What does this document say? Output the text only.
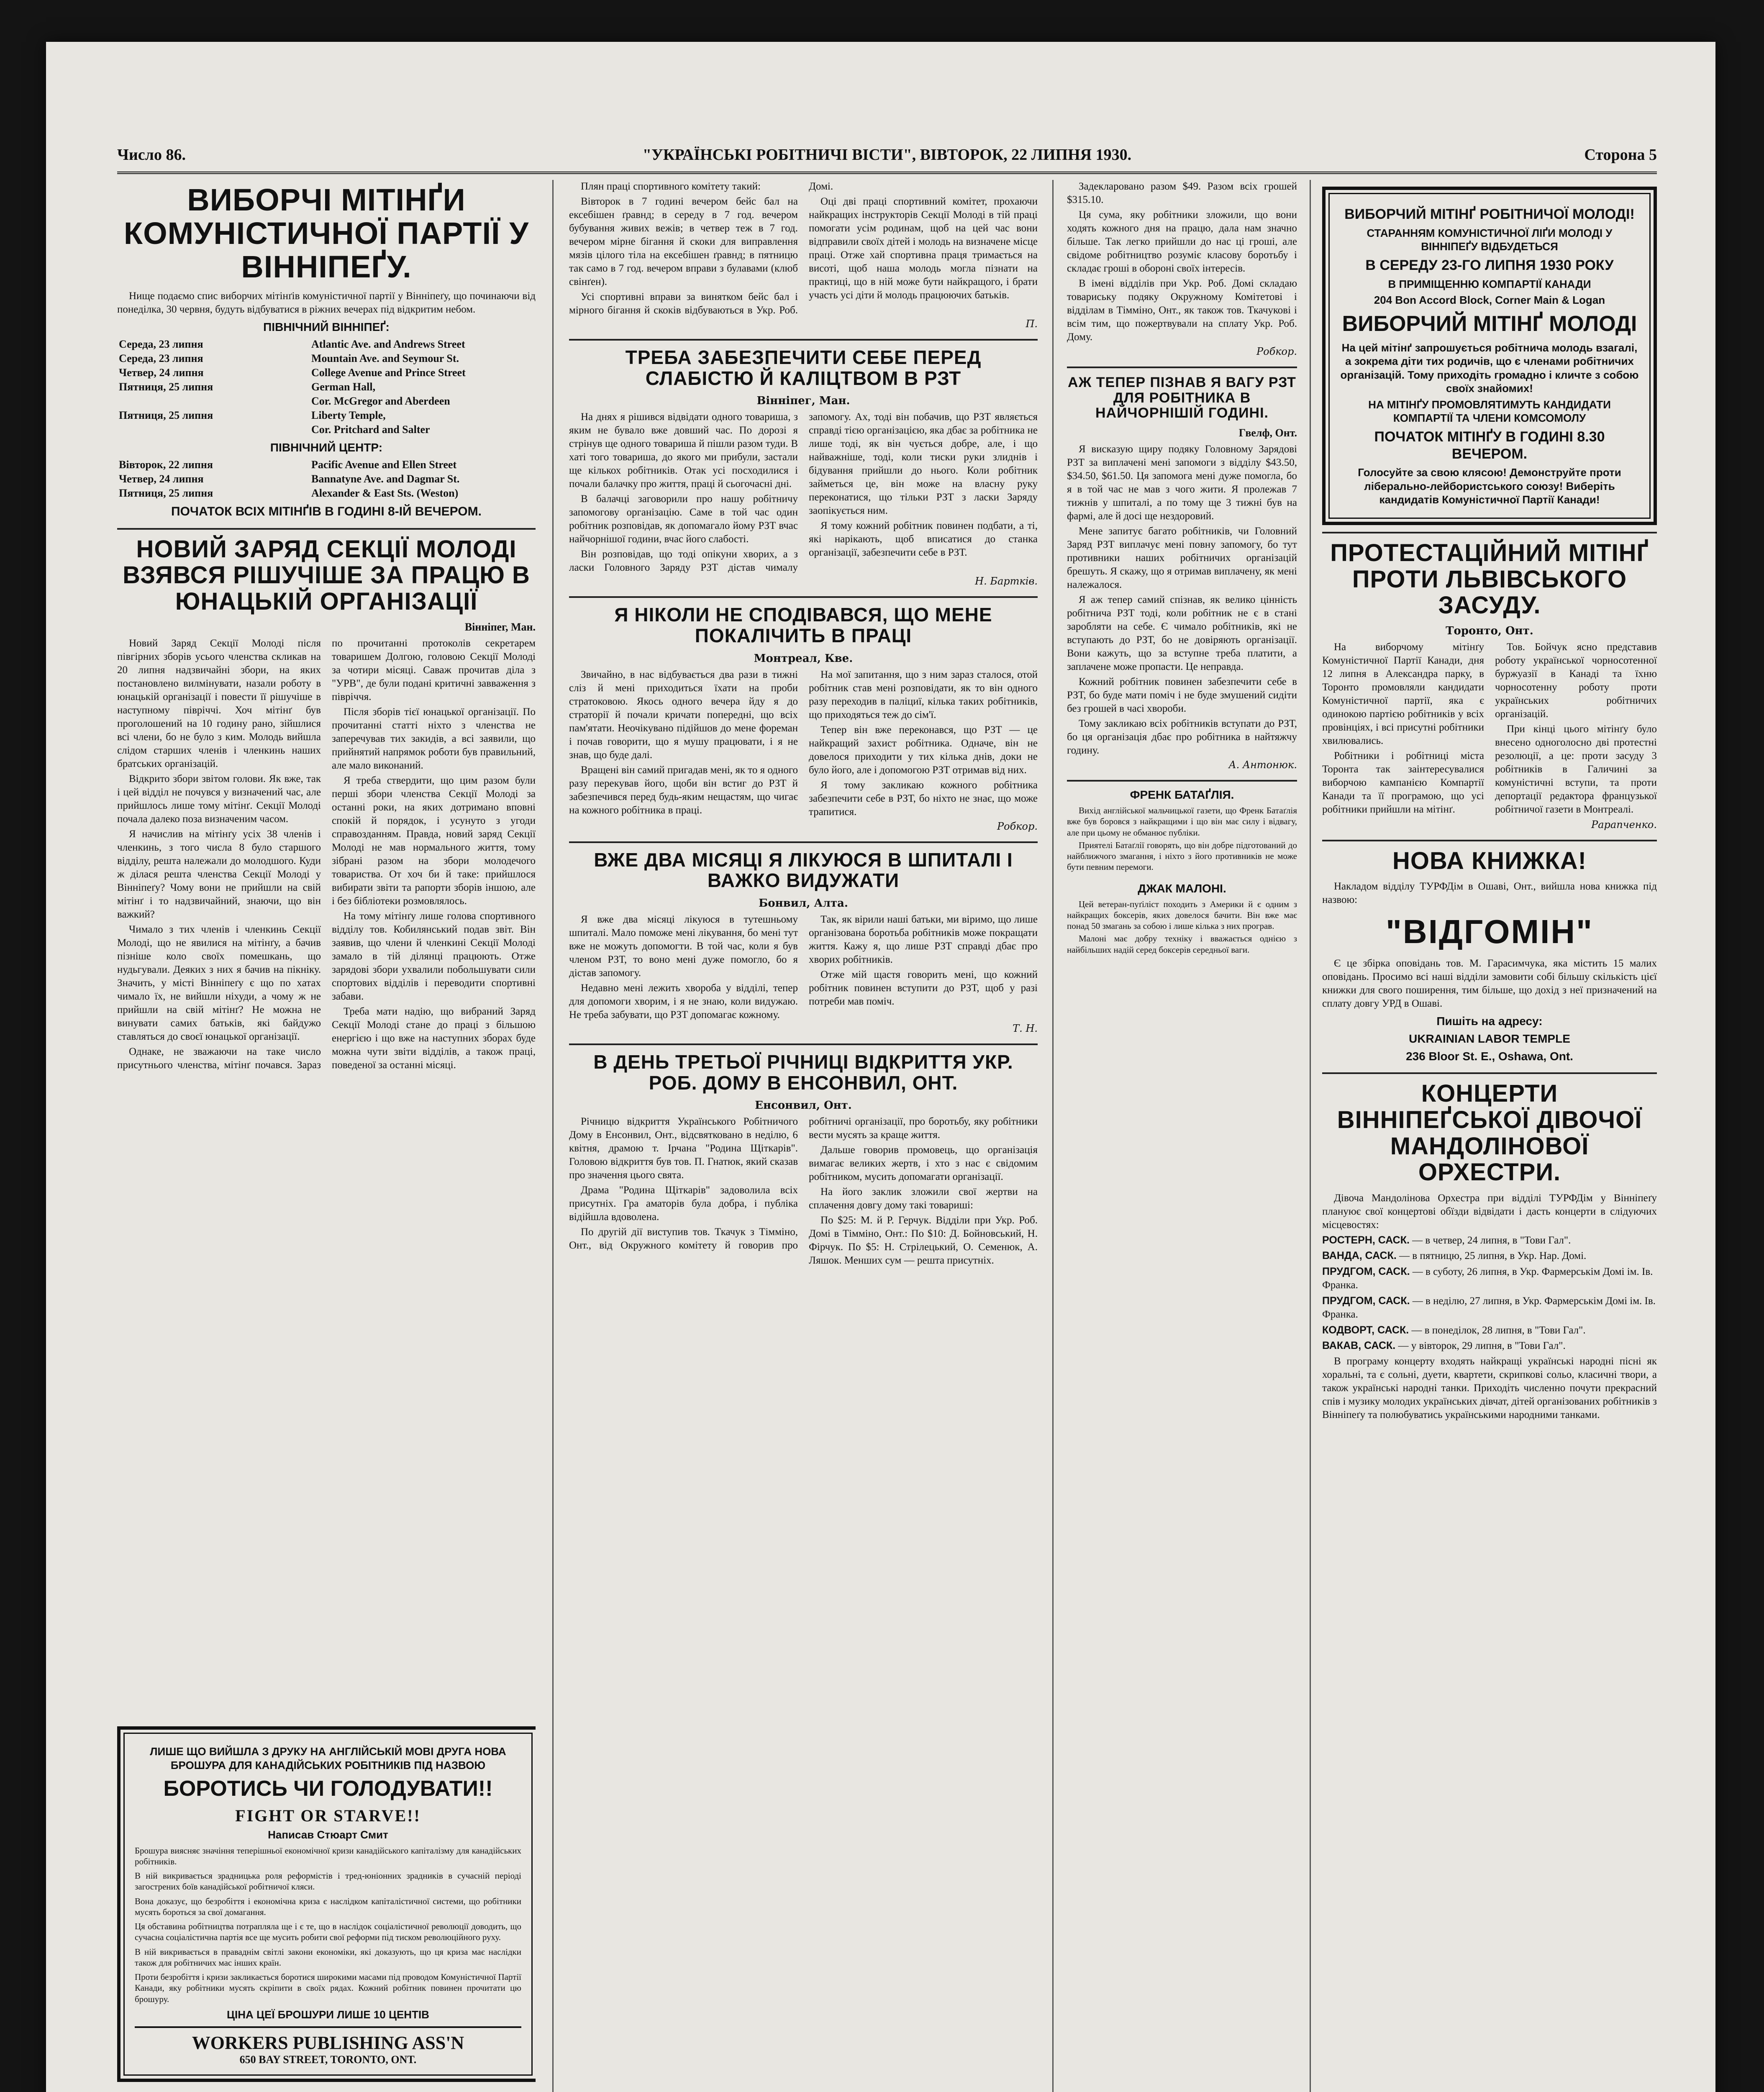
Число 86.	"УКРАЇНСЬКІ РОБІТНИЧІ ВІСТИ", ВІВТОРОК, 22 ЛИПНЯ 1930.	Сторона 5
ВИБОРЧІ МІТІНҐИ КОМУНІСТИЧНОЇ ПАРТІЇ У ВІННІПЕҐУ.

Нище подаємо спис виборчих мітінґів комуністичної партії у Вінніпеґу, що починаючи від понеділка, 30 червня, будуть відбуватися в ріжних вечерах під відкритим небом.

ПІВНІЧНИЙ ВІННІПЕҐ:
Середа, 23 липня	Atlantic Ave. and Andrews Street
Середа, 23 липня	Mountain Ave. and Seymour St.
Четвер, 24 липня	College Avenue and Prince Street
Пятниця, 25 липня	German Hall,
	Cor. McGregor and Aberdeen
Пятниця, 25 липня	Liberty Temple,
	Cor. Pritchard and Salter
ПІВНІЧНИЙ ЦЕНТР:
Вівторок, 22 липня	Pacific Avenue and Ellen Street
Четвер, 24 липня	Bannatyne Ave. and Dagmar St.
Пятниця, 25 липня	Alexander & East Sts. (Weston)
ПОЧАТОК ВСІХ МІТІНҐІВ В ГОДИНІ 8-ІЙ ВЕЧЕРОМ.
НОВИЙ ЗАРЯД СЕКЦІЇ МОЛОДІ ВЗЯВСЯ РІШУЧІШЕ ЗА ПРАЦЮ В ЮНАЦЬКІЙ ОРГАНІЗАЦІЇ
Вінніпег, Ман.

Новий Заряд Секції Молоді після півгірних зборів усього членства скликав на 20 липня надзвичайні збори, на яких постановлено вилмінувати, назали роботу в юнацькій організації і повести її рішучіше в наступному півріччі. Хоч мітінґ був проголошений на 10 годину рано, зійшлися всі члени, бо не було з ким. Молодь вийшла слідом старших членів і членкинь наших братських організацій.

Відкрито збори звітом голови. Як вже, так і цей відділ не почувся у визначений час, але прийшлось лише тому мітінґ. Секції Молоді почала далеко поза визначеним часом.

Я начислив на мітінґу усіх 38 членів і членкинь, з того числа 8 було старшого відділу, решта належали до молодшого. Куди ж ділася решта членства Секції Молоді у Вінніпеґу? Чому вони не прийшли на свій мітінґ і то надзвичайний, знаючи, що він важкий?

Чимало з тих членів і членкинь Секції Молоді, що не явилися на мітінґу, а бачив пізніше коло своїх помешкань, що нудьгували. Деяких з них я бачив на пікніку. Значить, у місті Вінніпеґу є що по хатах чимало їх, не вийшли ніхуди, а чому ж не прийшли на свій мітінґ? Не можна не винувати самих батьків, які байдужо ставляться до своєї юнацької організації.

Однаке, не зважаючи на таке число присутнього членства, мітінґ почався. Зараз по прочитанні протоколів секретарем товаришем Долгою, головою Секції Молоді за чотири місяці. Саваж прочитав діла з "УРВ", де були подані критичні завваження з півріччя.

Після зборів тієї юнацької організації. По прочитанні статті ніхто з членства не заперечував тих закидів, а всі заявили, що прийнятий напрямок роботи був правильний, але мало виконаний.

Я треба ствердити, що цим разом були перші збори членства Секції Молоді за останні роки, на яких дотримано вповні спокій й порядок, і усунуто з угоди справозданням. Правда, новий заряд Секції Молоді не мав нормального життя, тому зібрані разом на збори молодечого товариства. От хоч би й таке: прийшлося вибирати звіти та рапорти зборів іншою, але і без бібліотеки розмовлялось.

На тому мітінґу лише голова спортивного відділу тов. Кобилянський подав звіт. Він заявив, що члени й членкині Секції Молоді замало в тій ділянці працюють. Отже зарядові збори ухвалили побольшувати сили спортових відділів і переводити спортивні забави.

Треба мати надію, що вибраний Заряд Секції Молоді стане до праці з більшою енергією і що вже на наступних зборах буде можна чути звіти відділів, а також праці, поведеної за останні місяці.

ЛИШЕ ЩО ВИЙШЛА З ДРУКУ НА АНГЛІЙСЬКІЙ МОВІ ДРУГА НОВА БРОШУРА ДЛЯ КАНАДІЙСЬКИХ РОБІТНИКІВ ПІД НАЗВОЮ
БОРОТИСЬ ЧИ ГОЛОДУВАТИ!!
FIGHT OR STARVE!!
Написав Стюарт Смит
Брошура виясняє значіння теперішньої економічної кризи канадійського капіталізму для канадійських робітників.
В ній викривається зрадницька роля реформістів і тред-юніонних зрадників в сучасній періоді загострених боїв канадійської робітничої кляси.
Вона доказує, що безробіття і економічна криза є наслідком капіталістичної системи, що робітники мусять бороться за свої домагання.
Ця обставина робітництва потрапляла ще і є те, що в наслідок соціалістичної революції доводить, що сучасна соціалістична партія все ще мусить робити свої реформи під тиском революційного руху.
В ній викривається в праваднім світлі закони економіки, які доказують, що ця криза має наслідки також для робітничих мас інших країн.
Проти безробіття і кризи закликається боротися широкими масами під проводом Комуністичної Партії Канади, яку робітники мусять скріпити в своїх рядах. Кожний робітник повинен прочитати цю брошуру.
ЦІНА ЦЕЇ БРОШУРИ ЛИШЕ 10 ЦЕНТІВ
WORKERS PUBLISHING ASS'N
650 BAY STREET, TORONTO, ONT.

Плян праці спортивного комітету такий:

Вівторок в 7 годині вечером бейс бал на ексебішен ґравнд; в середу в 7 год. вечером бубування живих вежів; в четвер теж в 7 год. вечером мірне бігання й скоки для виправлення мязів цілого тіла на ексебішен ґравнд; в пятницю так само в 7 год. вечером вправи з булавами (клюб свінґен).

Усі спортивні вправи за винятком бейс бал і мірного бігання й скоків відбуваються в Укр. Роб. Домі.

Оці дві праці спортивний комітет, прохаючи найкращих інструкторів Секції Молоді в тій праці помогати усім родинам, щоб на цей час вони відправили своїх дітей і молодь на визначене місце праці. Отже хай спортивна праця тримається на висоті, щоб наша молодь могла пізнати на практиці, що в ній може бути найкращого, і брати участь усі діти й молодь працюючих батьків.

П.
ТРЕБА ЗАБЕЗПЕЧИТИ СЕБЕ ПЕРЕД СЛАБІСТЮ Й КАЛІЦТВОМ В РЗТ
Вінніпег, Ман.

На днях я рішився відвідати одного товариша, з яким не бувало вже довший час. По дорозі я стрінув ще одного товариша й пішли разом туди. В хаті того товариша, до якого ми прибули, застали ще кількох робітників. Отак усі посходилися і почали балачку про життя, праці й сьогочасні дні.

В балачці заговорили про нашу робітничу запомогову організацію. Саме в той час один робітник розповідав, як допомагало йому РЗТ вчас найчорнішої години, вчас його слабості.

Він розповідав, що тоді опікуни хворих, а з ласки Головного Заряду РЗТ дістав чималу запомогу. Ах, тоді він побачив, що РЗТ являється справді тією організацією, яка дбає за робітника не лише тоді, як він чується добре, але, і що найважніше, тоді, коли тиски руки злиднів і бідування прийшли до нього. Коли робітник займеться це, він може на власну руку переконатися, що тільки РЗТ з ласки Заряду заопікується ним.

Я тому кожний робітник повинен подбати, а ті, які нарікають, щоб вписатися до станка організації, забезпечити себе в РЗТ.

Н. Бартків.
Я НІКОЛИ НЕ СПОДІВАВСЯ, ЩО МЕНЕ ПОКАЛІЧИТЬ В ПРАЦІ
Монтреал, Кве.

Звичайно, в нас відбувається два рази в тижні сліз й мені приходиться їхати на проби стратоковою. Якось одного вечера йду я до страторії й почали кричати попередні, що всіх пам'ятати. Неочікувано підійшов до мене фореман і почав говорити, що я мушу працювати, і я не знав, що буде далі.

Вращені він самий пригадав мені, як то я одного разу перекував його, щоби він встиг до РЗТ й забезпечився перед будь-яким нещастям, що чигає на кожного робітника в праці.

На мої запитання, що з ним зараз сталося, отой робітник став мені розповідати, як то він одного разу переходив в паліциї, кілька таких робітників, що приходяться теж до сім'ї.

Тепер він вже переконався, що РЗТ — це найкращий захист робітника. Одначе, він не довелося приходити у тих кілька днів, доки не було його, але і допомогою РЗТ отримав від них.

Я тому закликаю кожного робітника забезпечити себе в РЗТ, бо ніхто не знає, що може трапитися.

Робкор.
ВЖЕ ДВА МІСЯЦІ Я ЛІКУЮСЯ В ШПИТАЛІ І ВАЖКО ВИДУЖАТИ
Бонвил, Алта.

Я вже два місяці лікуюся в тутешньому шпиталі. Мало поможе мені лікування, бо мені тут вже не можуть допомогти. В той час, коли я був членом РЗТ, то воно мені дуже помогло, бо я дістав запомогу.

Недавно мені лежить хвороба у відділі, тепер для допомоги хворим, і я не знаю, коли видужаю. Не треба забувати, що РЗТ допомагає кожному.

Так, як вірили наші батьки, ми віримо, що лише організована боротьба робітників може покращати життя. Кажу я, що лише РЗТ справді дбає про хворих робітників.

Отже мій щастя говорить мені, що кожний робітник повинен вступити до РЗТ, щоб у разі потреби мав поміч.

Т. Н.
В ДЕНЬ ТРЕТЬОЇ РІЧНИЦІ ВІДКРИТТЯ УКР. РОБ. ДОМУ В ЕНСОНВИЛ, ОНТ.
Енсонвил, Онт.

Річницю відкриття Українського Робітничого Дому в Енсонвил, Онт., відсвятковано в неділю, 6 квітня, драмою т. Ірчана "Родина Щіткарів". Головою відкриття був тов. П. Гнатюк, який сказав про значення цього свята.

Драма "Родина Щіткарів" задоволила всіх присутніх. Гра аматорів була добра, і публіка відійшла вдоволена.

По другій дії виступив тов. Ткачук з Тімміно, Онт., від Окружного комітету й говорив про робітничі організації, про боротьбу, яку робітники вести мусять за краще життя.

Дальше говорив промовець, що організація вимагає великих жертв, і хто з нас є свідомим робітником, мусить допомагати організації.

На його заклик зложили свої жертви на сплачення довгу дому такі товариші:

По $25: М. й Р. Герчук. Відділи при Укр. Роб. Домі в Тімміно, Онт.: По $10: Д. Бойновський, Н. Фірчук. По $5: Н. Стрілецький, О. Семенюк, А. Ляшок. Менших сум — решта присутніх.

Задекларовано разом $49. Разом всіх грошей $315.10.

Ця сума, яку робітники зложили, що вони ходять кожного дня на працю, дала нам значно більше. Так легко прийшли до нас ці гроші, але свідоме робітництво розуміє класову боротьбу і складає гроші в обороні своїх інтересів.

В імені відділів при Укр. Роб. Домі складаю товариську подяку Окружному Комітетові і відділам в Тімміно, Онт., як також тов. Ткачукові і всім тим, що пожертвували на сплату Укр. Роб. Дому.

Робкор.
АЖ ТЕПЕР ПІЗНАВ Я ВАГУ РЗТ ДЛЯ РОБІТНИКА В НАЙЧОРНІШІЙ ГОДИНІ.
Гвелф, Онт.

Я висказую щиру подяку Головному Зарядові РЗТ за виплачені мені запомоги з відділу $43.50, $34.50, $61.50. Ця запомога мені дуже помогла, бо я в той час не мав з чого жити. Я пролежав 7 тижнів у шпиталі, а по тому ще 3 тижні був на фармі, але й досі ще нездоровий.

Мене запитує багато робітників, чи Головний Заряд РЗТ виплачує мені повну запомогу, бо тут противники наших робітничих організацій брешуть. Я скажу, що я отримав виплачену, як мені належалося.

Я аж тепер самий спізнав, як велико цінність робітнича РЗТ тоді, коли робітник не є в стані заробляти на себе. Є чимало робітників, які не вступають до РЗТ, бо не довіряють організації. Вони кажуть, що за вступне треба платити, а заплачене може пропасти. Це неправда.

Кожний робітник повинен забезпечити себе в РЗТ, бо буде мати поміч і не буде змушений сидіти без грошей в часі хвороби.

Тому закликаю всіх робітників вступати до РЗТ, бо ця організація дбає про робітника в найтяжчу годину.

А. Антонюк.
ФРЕНК БАТАҐЛІЯ.

Вихід англійської мальчицької газети, що Френк Батаґлія вже був боровся з найкращими і що він має силу і відвагу, але при цьому не обманює публіки.

Приятелі Батаґлії говорять, що він добре підготований до найближчого змагання, і ніхто з його противників не може бути певним перемоги.

ДЖАК МАЛОНІ.

Цей ветеран-пуґіліст походить з Америки й є одним з найкращих боксерів, яких довелося бачити. Він вже має понад 50 змагань за собою і лише кілька з них програв.

Малоні має добру техніку і вважається однією з найбільших надій серед боксерів середньої ваги.

ВИБОРЧИЙ МІТІНҐ РОБІТНИЧОЇ МОЛОДІ!
СТАРАННЯМ КОМУНІСТИЧНОЇ ЛІҐИ МОЛОДІ У ВІННІПЕҐУ ВІДБУДЕТЬСЯ
В СЕРЕДУ 23-ГО ЛИПНЯ 1930 РОКУ
В ПРИМІЩЕННЮ КОМПАРТІЇ КАНАДИ
204 Bon Accord Block, Corner Main & Logan
ВИБОРЧИЙ МІТІНҐ МОЛОДІ
На цей мітінґ запрошується робітнича молодь взагалі, а зокрема діти тих родичів, що є членами робітничих організацій. Тому приходіть громадно і кличте з собою своїх знайомих!
НА МІТІНҐУ ПРОМОВЛЯТИМУТЬ КАНДИДАТИ КОМПАРТІЇ ТА ЧЛЕНИ КОМСОМОЛУ
ПОЧАТОК МІТІНҐУ В ГОДИНІ 8.30 ВЕЧЕРОМ.
Голосуйте за свою клясою! Демонструйте проти ліберально-лейбористського союзу! Виберіть кандидатів Комуністичної Партії Канади!
ПРОТЕСТАЦІЙНИЙ МІТІНҐ ПРОТИ ЛЬВІВСЬКОГО ЗАСУДУ.
Торонто, Онт.

На виборчому мітінґу Комуністичної Партії Канади, дня 12 липня в Александра парку, в Торонто промовляли кандидати Комуністичної партії, яка є одинокою партією робітників у всіх провінціях, і всі присутні робітники хвилювались.

Робітники і робітниці міста Торонта так заінтересувалися виборчою кампанією Компартії Канади та її програмою, що усі робітники прийшли на мітінґ.

Тов. Бойчук ясно представив роботу української чорносотенної буржуазії в Канаді та їхню чорносотенну роботу проти українських робітничих організацій.

При кінці цього мітінґу було внесено одноголосно дві протестні резолюції, а це: проти засуду 3 робітників в Галичині за комуністичні вступи, та проти депортації редактора французької робітничої газети в Монтреалі.

Рарапченко.
НОВА КНИЖКА!

Накладом відділу ТУРФДім в Ошаві, Онт., вийшла нова книжка під назвою:

"ВІДГОМІН"

Є це збірка оповідань тов. М. Гарасимчука, яка містить 15 малих оповідань. Просимо всі наші відділи замовити собі більшу скількість цієї книжки для свого поширення, тим більше, що дохід з неї призначений на сплату довгу УРД в Ошаві.

Пишіть на адресу:
UKRAINIAN LABOR TEMPLE
236 Bloor St. E., Oshawa, Ont.
КОНЦЕРТИ ВІННІПЕҐСЬКОЇ ДІВОЧОЇ МАНДОЛІНОВОЇ ОРХЕСТРИ.

Дівоча Мандолінова Орхестра при відділі ТУРФДім у Вінніпеґу плануює свої концертові обїзди відвідати і дасть концерти в слідуючих місцевостях:

РОСТЕРН, САСК. — в четвер, 24 липня, в "Тови Гал".

ВАНДА, САСК. — в пятницю, 25 липня, в Укр. Нар. Домі.

ПРУДГОМ, САСК. — в суботу, 26 липня, в Укр. Фармерськім Домі ім. Ів. Франка.

ПРУДГОМ, САСК. — в неділю, 27 липня, в Укр. Фармерськім Домі ім. Ів. Франка.

КОДВОРТ, САСК. — в понеділок, 28 липня, в "Тови Гал".

ВАКАВ, САСК. — у вівторок, 29 липня, в "Тови Гал".

В програму концерту входять найкращі українські народні пісні як хоральні, та є сольні, дуети, квартети, скрипкові сольо, класичні твори, а також українські народні танки. Приходіть численно почути прекрасний спів і музику молодих українських дівчат, дітей організованих робітників з Вінніпеґу та полюбуватись українськими народними танками.
